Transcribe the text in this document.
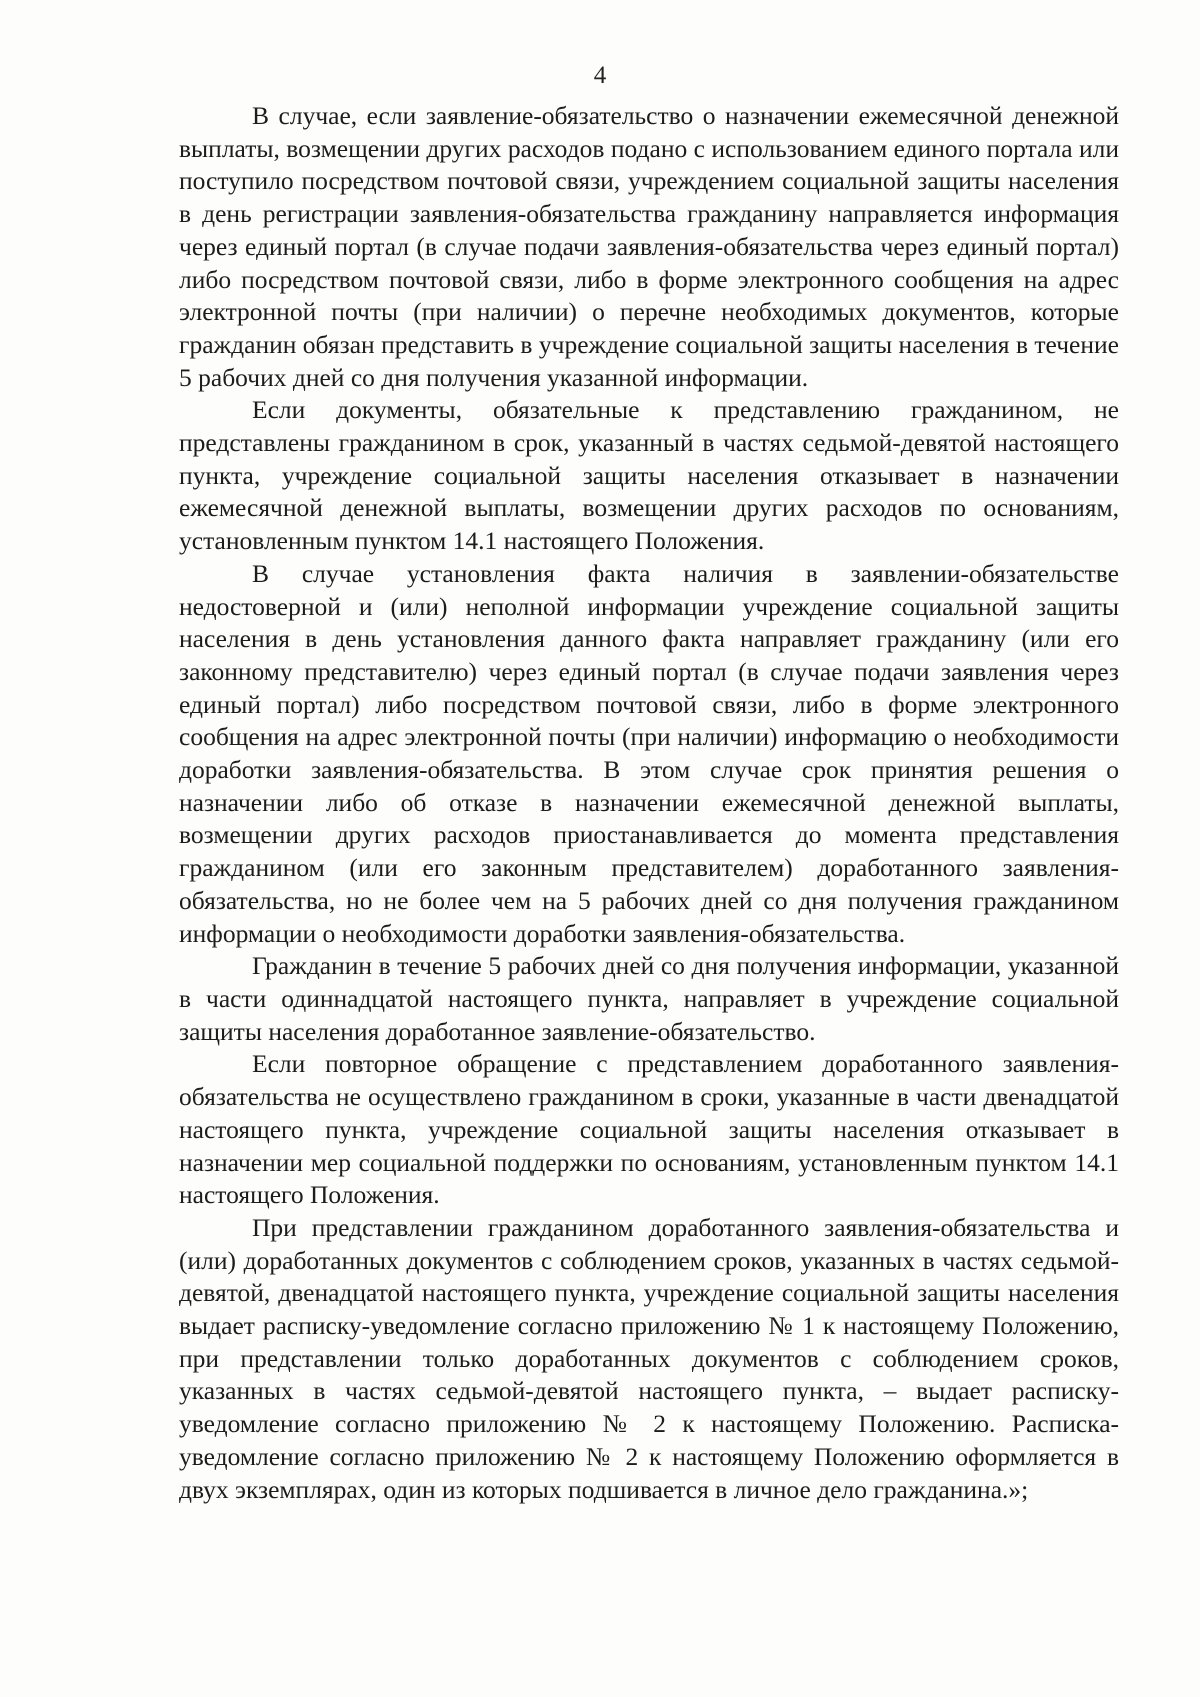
4

В случае, если заявление-обязательство о назначении ежемесячной денежной выплаты, возмещении других расходов подано с использованием единого портала или поступило посредством почтовой связи, учреждением социальной защиты населения в день регистрации заявления-обязательства гражданину направляется информация через единый портал (в случае подачи заявления-обязательства через единый портал) либо посредством почтовой связи, либо в форме электронного сообщения на адрес электронной почты (при наличии) о перечне необходимых документов, которые гражданин обязан представить в учреждение социальной защиты населения в течение 5 рабочих дней со дня получения указанной информации.

Если документы, обязательные к представлению гражданином, не представлены гражданином в срок, указанный в частях седьмой-девятой настоящего пункта, учреждение социальной защиты населения отказывает в назначении ежемесячной денежной выплаты, возмещении других расходов по основаниям, установленным пунктом 14.1 настоящего Положения.

В случае установления факта наличия в заявлении-обязательстве недостоверной и (или) неполной информации учреждение социальной защиты населения в день установления данного факта направляет гражданину (или его законному представителю) через единый портал (в случае подачи заявления через единый портал) либо посредством почтовой связи, либо в форме электронного сообщения на адрес электронной почты (при наличии) информацию о необходимости доработки заявления-обязательства. В этом случае срок принятия решения о назначении либо об отказе в назначении ежемесячной денежной выплаты, возмещении других расходов приостанавливается до момента представления гражданином (или его законным представителем) доработанного заявления-обязательства, но не более чем на 5 рабочих дней со дня получения гражданином информации о необходимости доработки заявления-обязательства.

Гражданин в течение 5 рабочих дней со дня получения информации, указанной в части одиннадцатой настоящего пункта, направляет в учреждение социальной защиты населения доработанное заявление-обязательство.

Если повторное обращение с представлением доработанного заявления-обязательства не осуществлено гражданином в сроки, указанные в части двенадцатой настоящего пункта, учреждение социальной защиты населения отказывает в назначении мер социальной поддержки по основаниям, установленным пунктом 14.1 настоящего Положения.

При представлении гражданином доработанного заявления-обязательства и (или) доработанных документов с соблюдением сроков, указанных в частях седьмой-девятой, двенадцатой настоящего пункта, учреждение социальной защиты населения выдает расписку-уведомление согласно приложению № 1 к настоящему Положению, при представлении только доработанных документов с соблюдением сроков, указанных в частях седьмой-девятой настоящего пункта, – выдает расписку-уведомление согласно приложению № 2 к настоящему Положению. Расписка-уведомление согласно приложению № 2 к настоящему Положению оформляется в двух экземплярах, один из которых подшивается в личное дело гражданина.»;
